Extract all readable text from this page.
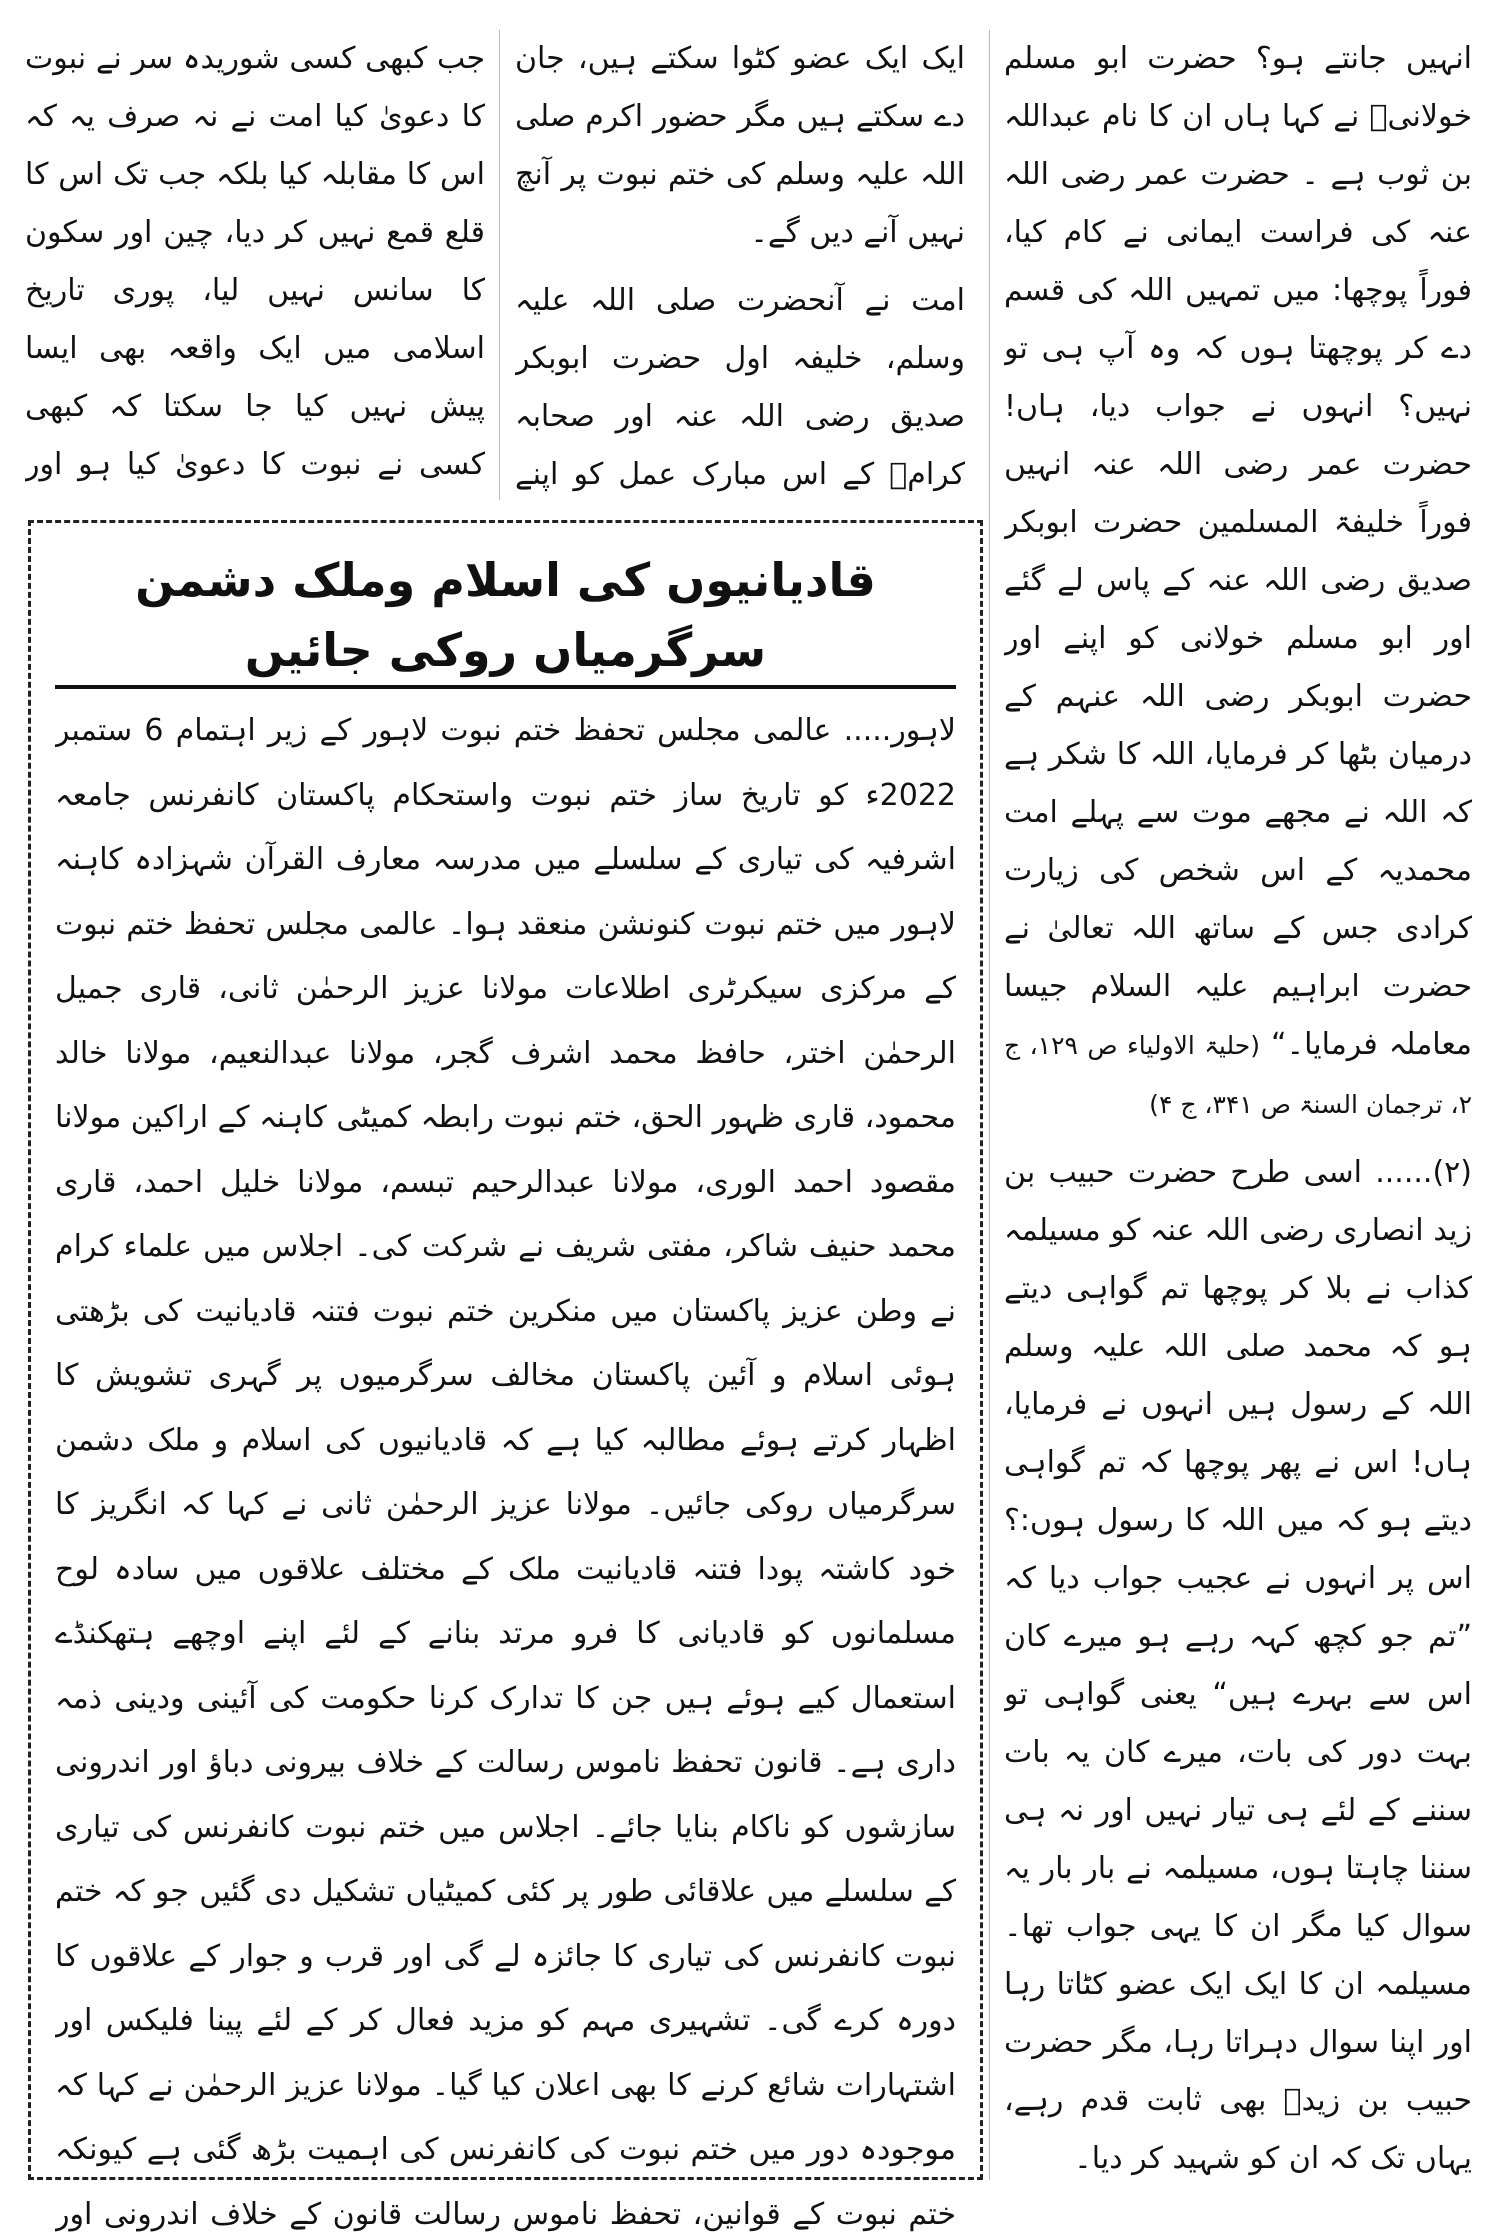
انہیں جانتے ہو؟ حضرت ابو مسلم خولانیؒ نے کہا ہاں ان کا نام عبداللہ بن ثوب ہے ۔ حضرت عمر رضی اللہ عنہ کی فراست ایمانی نے کام کیا، فوراً پوچھا: میں تمہیں اللہ کی قسم دے کر پوچھتا ہوں کہ وہ آپ ہی تو نہیں؟ انہوں نے جواب دیا، ہاں! حضرت عمر رضی اللہ عنہ انہیں فوراً خلیفۃ المسلمین حضرت ابوبکر صدیق رضی اللہ عنہ کے پاس لے گئے اور ابو مسلم خولانی کو اپنے اور حضرت ابوبکر رضی اللہ عنہم کے درمیان بٹھا کر فرمایا، اللہ کا شکر ہے کہ اللہ نے مجھے موت سے پہلے امت محمدیہ کے اس شخص کی زیارت کرادی جس کے ساتھ اللہ تعالیٰ نے حضرت ابراہیم علیہ السلام جیسا معاملہ فرمایا۔“ (حلیۃ الاولیاء ص ۱۲۹، ج ۲، ترجمان السنۃ ص ۳۴۱، ج ۴)

(۲)...... اسی طرح حضرت حبیب بن زید انصاری رضی اللہ عنہ کو مسیلمہ کذاب نے بلا کر پوچھا تم گواہی دیتے ہو کہ محمد صلی اللہ علیہ وسلم اللہ کے رسول ہیں انہوں نے فرمایا، ہاں! اس نے پھر پوچھا کہ تم گواہی دیتے ہو کہ میں اللہ کا رسول ہوں:؟ اس پر انہوں نے عجیب جواب دیا کہ ”تم جو کچھ کہہ رہے ہو میرے کان اس سے بہرے ہیں“ یعنی گواہی تو بہت دور کی بات، میرے کان یہ بات سننے کے لئے ہی تیار نہیں اور نہ ہی سننا چاہتا ہوں، مسیلمہ نے بار بار یہ سوال کیا مگر ان کا یہی جواب تھا۔ مسیلمہ ان کا ایک ایک عضو کٹاتا رہا اور اپنا سوال دہراتا رہا، مگر حضرت حبیب بن زیدؓ بھی ثابت قدم رہے، یہاں تک کہ ان کو شہید کر دیا۔

ایک ایک عضو کٹوا سکتے ہیں، جان دے سکتے ہیں مگر حضور اکرم صلی اللہ علیہ وسلم کی ختم نبوت پر آنچ نہیں آنے دیں گے۔

امت نے آنحضرت صلی اللہ علیہ وسلم، خلیفہ اول حضرت ابوبکر صدیق رضی اللہ عنہ اور صحابہ کرامؓ کے اس مبارک عمل کو اپنے

جب کبھی کسی شوریدہ سر نے نبوت کا دعویٰ کیا امت نے نہ صرف یہ کہ اس کا مقابلہ کیا بلکہ جب تک اس کا قلع قمع نہیں کر دیا، چین اور سکون کا سانس نہیں لیا، پوری تاریخ اسلامی میں ایک واقعہ بھی ایسا پیش نہیں کیا جا سکتا کہ کبھی کسی نے نبوت کا دعویٰ کیا ہو اور

قادیانیوں کی اسلام وملک دشمن سرگرمیاں روکی جائیں

لاہور..... عالمی مجلس تحفظ ختم نبوت لاہور کے زیر اہتمام 6 ستمبر 2022ء کو تاریخ ساز ختم نبوت واستحکام پاکستان کانفرنس جامعہ اشرفیہ کی تیاری کے سلسلے میں مدرسہ معارف القرآن شہزادہ کاہنہ لاہور میں ختم نبوت کنونشن منعقد ہوا۔ عالمی مجلس تحفظ ختم نبوت کے مرکزی سیکرٹری اطلاعات مولانا عزیز الرحمٰن ثانی، قاری جمیل الرحمٰن اختر، حافظ محمد اشرف گجر، مولانا عبدالنعیم، مولانا خالد محمود، قاری ظہور الحق، ختم نبوت رابطہ کمیٹی کاہنہ کے اراکین مولانا مقصود احمد الوری، مولانا عبدالرحیم تبسم، مولانا خلیل احمد، قاری محمد حنیف شاکر، مفتی شریف نے شرکت کی۔ اجلاس میں علماء کرام نے وطن عزیز پاکستان میں منکرین ختم نبوت فتنہ قادیانیت کی بڑھتی ہوئی اسلام و آئین پاکستان مخالف سرگرمیوں پر گہری تشویش کا اظہار کرتے ہوئے مطالبہ کیا ہے کہ قادیانیوں کی اسلام و ملک دشمن سرگرمیاں روکی جائیں۔ مولانا عزیز الرحمٰن ثانی نے کہا کہ انگریز کا خود کاشتہ پودا فتنہ قادیانیت ملک کے مختلف علاقوں میں سادہ لوح مسلمانوں کو قادیانی کا فرو مرتد بنانے کے لئے اپنے اوچھے ہتھکنڈے استعمال کیے ہوئے ہیں جن کا تدارک کرنا حکومت کی آئینی ودینی ذمہ داری ہے۔ قانون تحفظ ناموس رسالت کے خلاف بیرونی دباؤ اور اندرونی سازشوں کو ناکام بنایا جائے۔ اجلاس میں ختم نبوت کانفرنس کی تیاری کے سلسلے میں علاقائی طور پر کئی کمیٹیاں تشکیل دی گئیں جو کہ ختم نبوت کانفرنس کی تیاری کا جائزہ لے گی اور قرب و جوار کے علاقوں کا دورہ کرے گی۔ تشہیری مہم کو مزید فعال کر کے لئے پینا فلیکس اور اشتہارات شائع کرنے کا بھی اعلان کیا گیا۔ مولانا عزیز الرحمٰن نے کہا کہ موجودہ دور میں ختم نبوت کی کانفرنس کی اہمیت بڑھ گئی ہے کیونکہ ختم نبوت کے قوانین، تحفظ ناموس رسالت قانون کے خلاف اندرونی اور
